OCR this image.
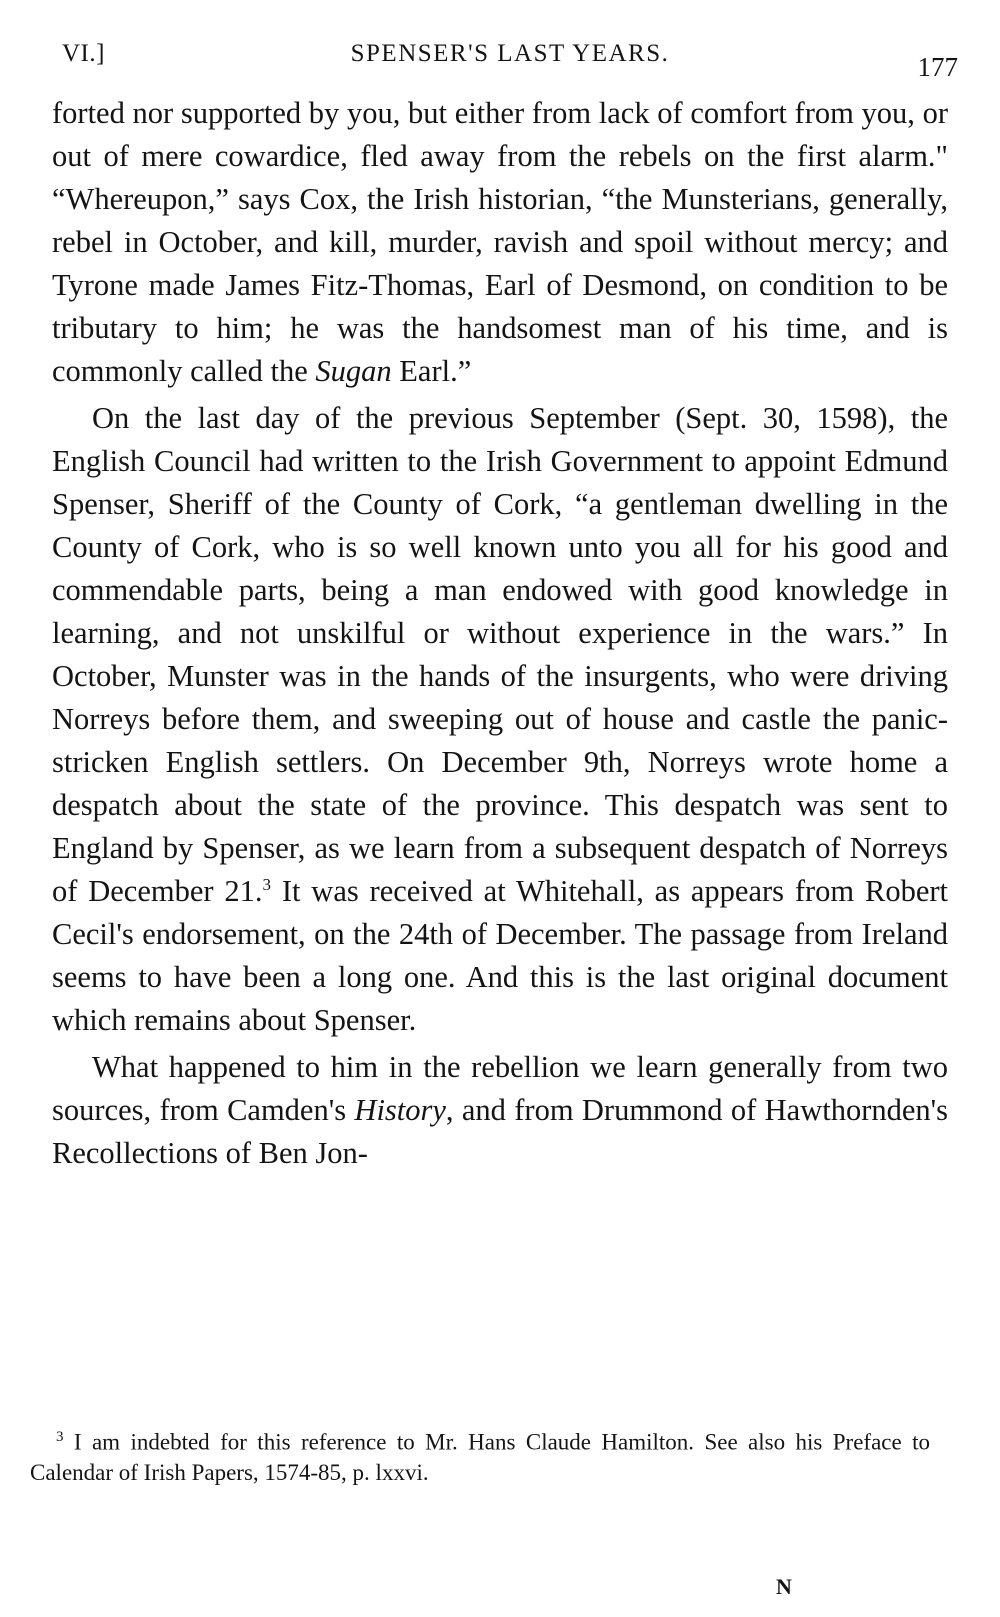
VI.]	SPENSER'S LAST YEARS.	177

forted nor supported by you, but either from lack of comfort from you, or out of mere cowardice, fled away from the rebels on the first alarm." “Whereupon,” says Cox, the Irish historian, “the Munsterians, generally, rebel in October, and kill, murder, ravish and spoil without mercy; and Tyrone made James Fitz-Thomas, Earl of Desmond, on condition to be tributary to him; he was the handsomest man of his time, and is commonly called the Sugan Earl.”

On the last day of the previous September (Sept. 30, 1598), the English Council had written to the Irish Government to appoint Edmund Spenser, Sheriff of the County of Cork, “a gentleman dwelling in the County of Cork, who is so well known unto you all for his good and commendable parts, being a man endowed with good knowledge in learning, and not unskilful or without experience in the wars.” In October, Munster was in the hands of the insurgents, who were driving Norreys before them, and sweeping out of house and castle the panic-stricken English settlers. On December 9th, Norreys wrote home a despatch about the state of the province. This despatch was sent to England by Spenser, as we learn from a subsequent despatch of Norreys of December 21.$^3$ It was received at Whitehall, as appears from Robert Cecil's endorsement, on the 24th of December. The passage from Ireland seems to have been a long one. And this is the last original document which remains about Spenser.

What happened to him in the rebellion we learn generally from two sources, from Camden's History, and from Drummond of Hawthornden's Recollections of Ben Jon-

$^3$ I am indebted for this reference to Mr. Hans Claude Hamilton. See also his Preface to Calendar of Irish Papers, 1574-85, p. lxxvi.
N
